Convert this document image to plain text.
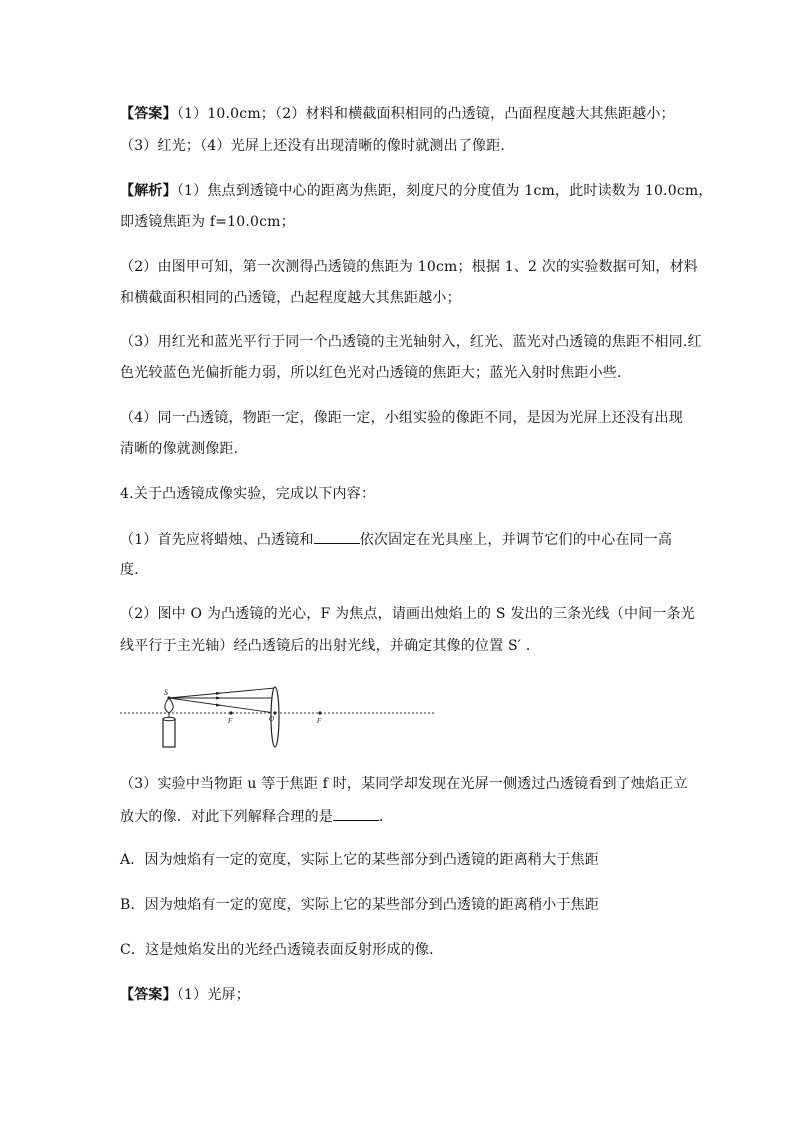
【答案】（1）10.0cm；（2）材料和横截面积相同的凸透镜，凸面程度越大其焦距越小；
（3）红光；（4）光屏上还没有出现清晰的像时就测出了像距．
【解析】（1）焦点到透镜中心的距离为焦距，刻度尺的分度值为 1cm，此时读数为 10.0cm，
即透镜焦距为 f=10.0cm；
（2）由图甲可知，第一次测得凸透镜的焦距为 10cm；根据 1、2 次的实验数据可知，材料
和横截面积相同的凸透镜，凸起程度越大其焦距越小；
（3）用红光和蓝光平行于同一个凸透镜的主光轴射入，红光、蓝光对凸透镜的焦距不相同.红
色光较蓝色光偏折能力弱，所以红色光对凸透镜的焦距大；蓝光入射时焦距小些．
（4）同一凸透镜，物距一定，像距一定，小组实验的像距不同，是因为光屏上还没有出现
清晰的像就测像距．
4.关于凸透镜成像实验，完成以下内容：
（1）首先应将蜡烛、凸透镜和	依次固定在光具座上，并调节它们的中心在同一高
度．
（2）图中 O 为凸透镜的光心，F 为焦点，请画出烛焰上的 S 发出的三条光线（中间一条光
线平行于主光轴）经凸透镜后的出射光线，并确定其像的位置 S′ ．
S
F	O	F
（3）实验中当物距 u 等于焦距 f 时，某同学却发现在光屏一侧透过凸透镜看到了烛焰正立
放大的像．对此下列解释合理的是	．
A．因为烛焰有一定的宽度，实际上它的某些部分到凸透镜的距离稍大于焦距
B．因为烛焰有一定的宽度，实际上它的某些部分到凸透镜的距离稍小于焦距
C．这是烛焰发出的光经凸透镜表面反射形成的像．
【答案】（1）光屏；
